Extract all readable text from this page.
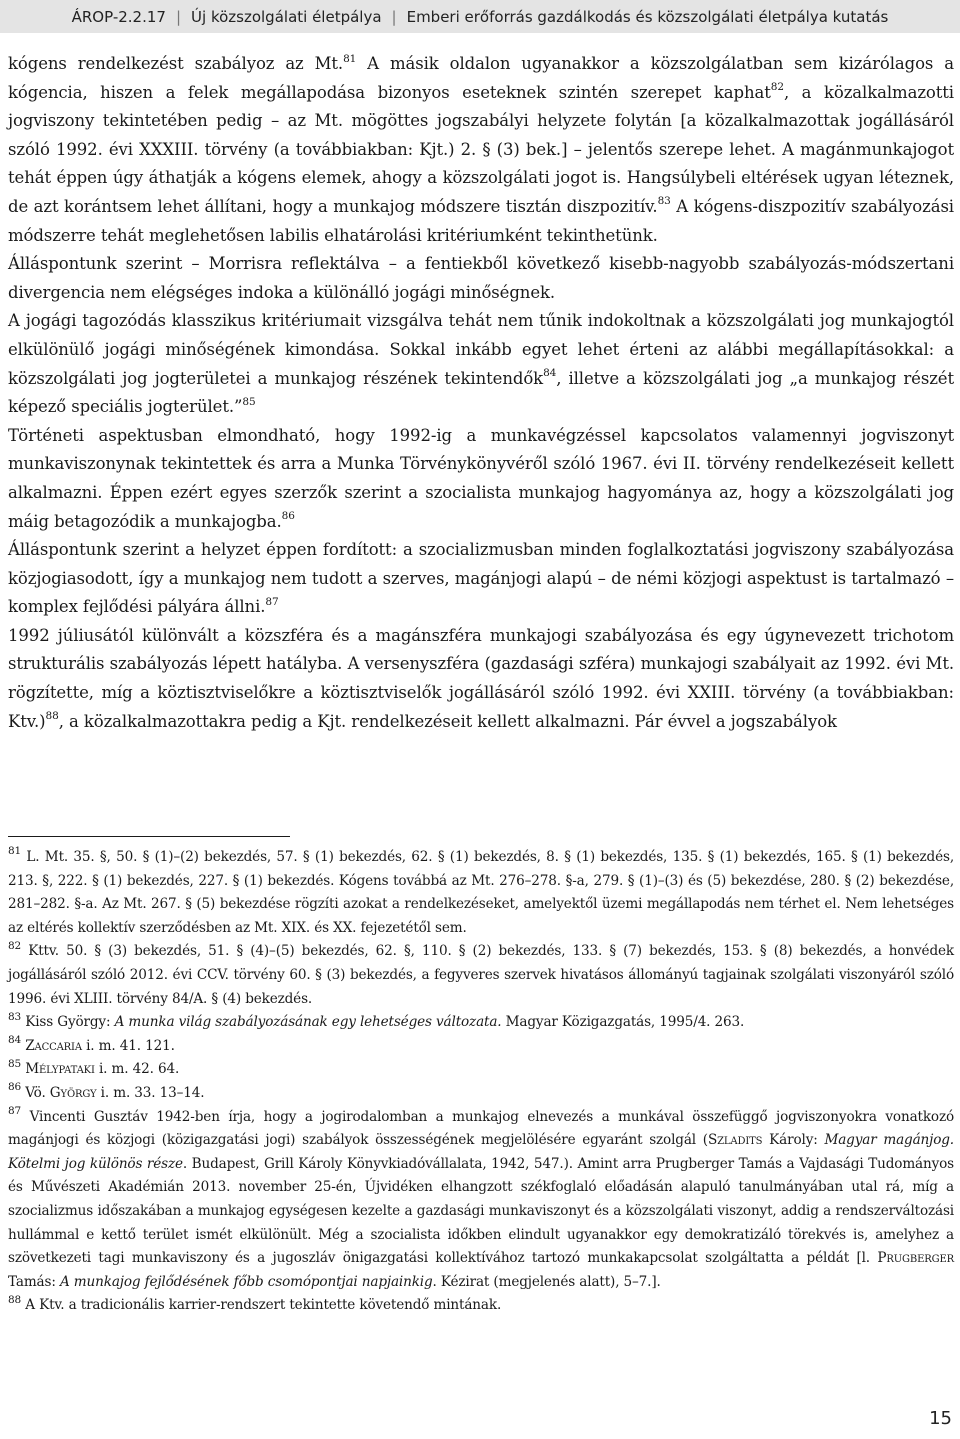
ÁROP-2.2.17 | Új közszolgálati életpálya | Emberi erőforrás gazdálkodás és közszolgálati életpálya kutatás

kógens rendelkezést szabályoz az Mt.$^{81}$ A másik oldalon ugyanakkor a közszolgálatban sem kizárólagos a kógencia, hiszen a felek megállapodása bizonyos eseteknek szintén szerepet kaphat$^{82}$, a közalkalmazotti jogviszony tekintetében pedig – az Mt. mögöttes jogszabályi helyzete folytán [a közalkalmazottak jogállásáról szóló 1992. évi XXXIII. törvény (a továbbiakban: Kjt.) 2. § (3) bek.] – jelentős szerepe lehet. A magánmunkajogot tehát éppen úgy áthatják a kógens elemek, ahogy a közszolgálati jogot is. Hangsúlybeli eltérések ugyan léteznek, de azt korántsem lehet állítani, hogy a munkajog módszere tisztán diszpozitív.$^{83}$ A kógens-diszpozitív szabályozási módszerre tehát meglehetősen labilis elhatárolási kritériumként tekinthetünk.

Álláspontunk szerint – Morrisra reflektálva – a fentiekből következő kisebb-nagyobb szabályozás-módszertani divergencia nem elégséges indoka a különálló jogági minőségnek.

A jogági tagozódás klasszikus kritériumait vizsgálva tehát nem tűnik indokoltnak a közszolgálati jog munkajogtól elkülönülő jogági minőségének kimondása. Sokkal inkább egyet lehet érteni az alábbi megállapításokkal: a közszolgálati jog jogterületei a munkajog részének tekintendők$^{84}$, illetve a közszolgálati jog „a munkajog részét képező speciális jogterület.”$^{85}$

Történeti aspektusban elmondható, hogy 1992-ig a munkavégzéssel kapcsolatos valamennyi jogviszonyt munkaviszonynak tekintettek és arra a Munka Törvénykönyvéről szóló 1967. évi II. törvény rendelkezéseit kellett alkalmazni. Éppen ezért egyes szerzők szerint a szocialista munkajog hagyománya az, hogy a közszolgálati jog máig betagozódik a munkajogba.$^{86}$

Álláspontunk szerint a helyzet éppen fordított: a szocializmusban minden foglalkoztatási jogviszony szabályozása közjogiasodott, így a munkajog nem tudott a szerves, magánjogi alapú – de némi közjogi aspektust is tartalmazó – komplex fejlődési pályára állni.$^{87}$

1992 júliusától különvált a közszféra és a magánszféra munkajogi szabályozása és egy úgynevezett trichotom strukturális szabályozás lépett hatályba. A versenyszféra (gazdasági szféra) munkajogi szabályait az 1992. évi Mt. rögzítette, míg a köztisztviselőkre a köztisztviselők jogállásáról szóló 1992. évi XXIII. törvény (a továbbiakban: Ktv.)$^{88}$, a közalkalmazottakra pedig a Kjt. rendelkezéseit kellett alkalmazni. Pár évvel a jogszabályok

$^{81}$ L. Mt. 35. §, 50. § (1)–(2) bekezdés, 57. § (1) bekezdés, 62. § (1) bekezdés, 8. § (1) bekezdés, 135. § (1) bekezdés, 165. § (1) bekezdés, 213. §, 222. § (1) bekezdés, 227. § (1) bekezdés. Kógens továbbá az Mt. 276–278. §-a, 279. § (1)–(3) és (5) bekezdése, 280. § (2) bekezdése, 281–282. §-a. Az Mt. 267. § (5) bekezdése rögzíti azokat a rendelkezéseket, amelyektől üzemi megállapodás nem térhet el. Nem lehetséges az eltérés kollektív szerződésben az Mt. XIX. és XX. fejezetétől sem.

$^{82}$ Kttv. 50. § (3) bekezdés, 51. § (4)–(5) bekezdés, 62. §, 110. § (2) bekezdés, 133. § (7) bekezdés, 153. § (8) bekezdés, a honvédek jogállásáról szóló 2012. évi CCV. törvény 60. § (3) bekezdés, a fegyveres szervek hivatásos állományú tagjainak szolgálati viszonyáról szóló 1996. évi XLIII. törvény 84/A. § (4) bekezdés.

$^{83}$ Kiss György: A munka világ szabályozásának egy lehetséges változata. Magyar Közigazgatás, 1995/4. 263.

$^{84}$ Zaccaria i. m. 41. 121.

$^{85}$ Mélypataki i. m. 42. 64.

$^{86}$ Vö. György i. m. 33. 13–14.

$^{87}$ Vincenti Gusztáv 1942-ben írja, hogy a jogirodalomban a munkajog elnevezés a munkával összefüggő jogviszonyokra vonatkozó magánjogi és közjogi (közigazgatási jogi) szabályok összességének megjelölésére egyaránt szolgál (Szladits Károly: Magyar magánjog. Kötelmi jog különös része. Budapest, Grill Károly Könyvkiadóvállalata, 1942, 547.). Amint arra Prugberger Tamás a Vajdasági Tudományos és Művészeti Akadémián 2013. november 25-én, Újvidéken elhangzott székfoglaló előadásán alapuló tanulmányában utal rá, míg a szocializmus időszakában a munkajog egységesen kezelte a gazdasági munkaviszonyt és a közszolgálati viszonyt, addig a rendszerváltozási hullámmal e kettő terület ismét elkülönült. Még a szocialista időkben elindult ugyanakkor egy demokratizáló törekvés is, amelyhez a szövetkezeti tagi munkaviszony és a jugoszláv önigazgatási kollektívához tartozó munkakapcsolat szolgáltatta a példát [l. Prugberger Tamás: A munkajog fejlődésének főbb csomópontjai napjainkig. Kézirat (megjelenés alatt), 5–7.].

$^{88}$ A Ktv. a tradicionális karrier-rendszert tekintette követendő mintának.

15
